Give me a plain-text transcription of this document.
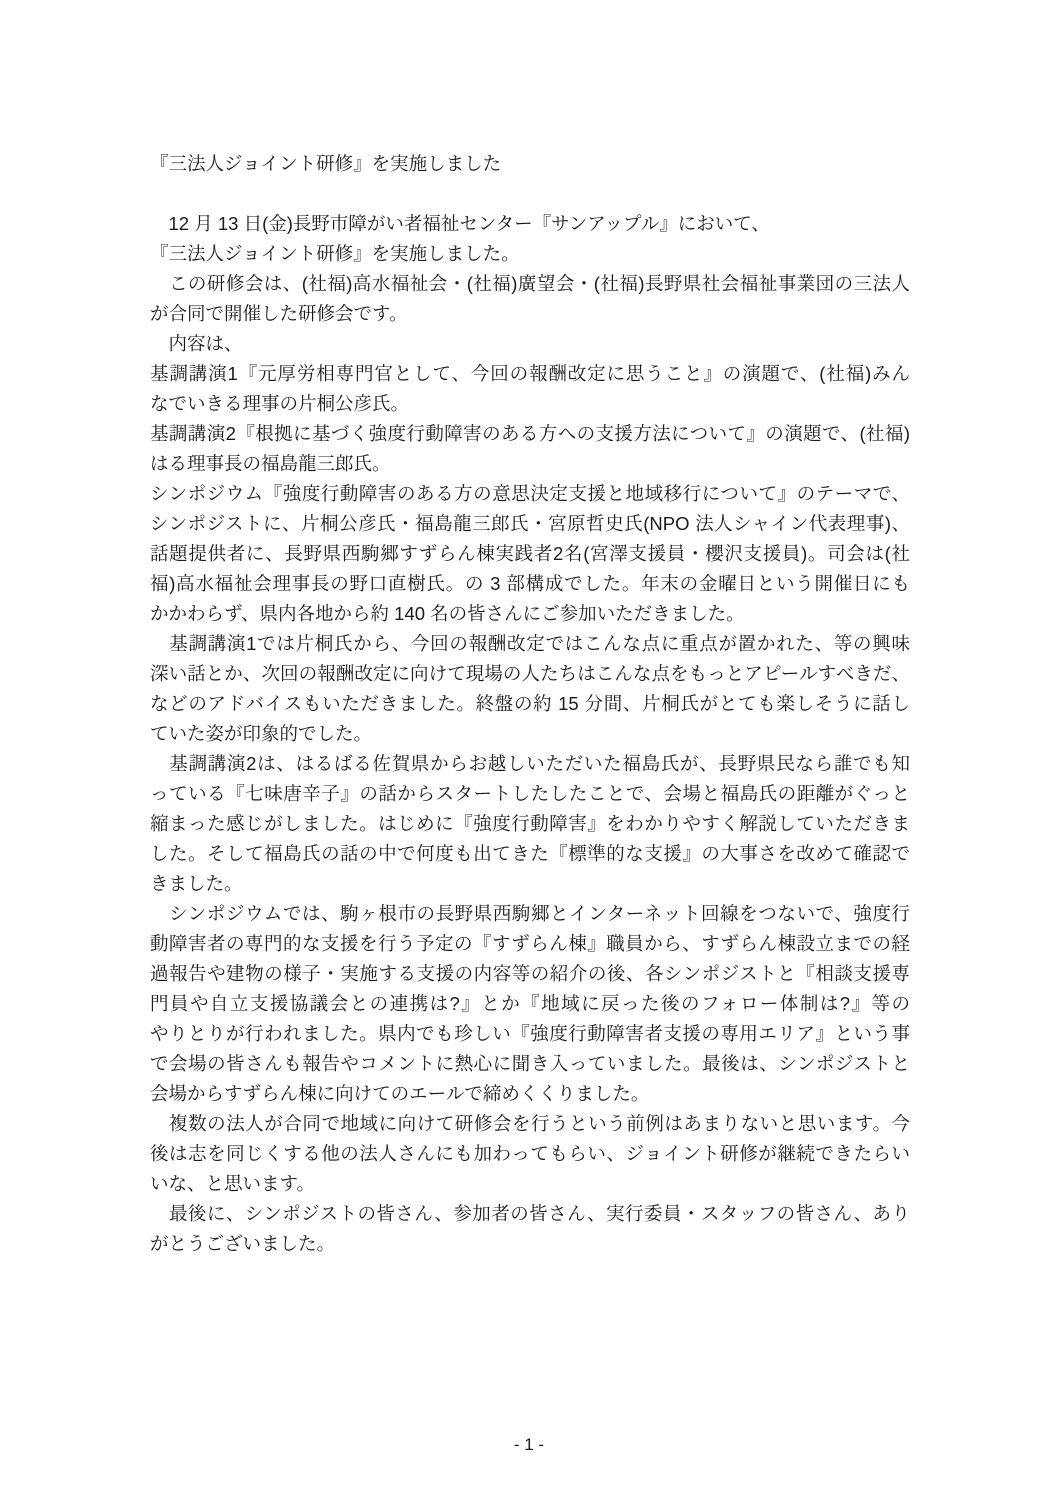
『三法人ジョイント研修』を実施しました
　12 月 13 日(金)長野市障がい者福祉センター『サンアップル』において、
『三法人ジョイント研修』を実施しました。
　この研修会は、(社福)高水福祉会・(社福)廣望会・(社福)長野県社会福祉事業団の三法人
が合同で開催した研修会です。
　内容は、
基調講演1『元厚労相専門官として、今回の報酬改定に思うこと』の演題で、(社福)みん
なでいきる理事の片桐公彦氏。
基調講演2『根拠に基づく強度行動障害のある方への支援方法について』の演題で、(社福)
はる理事長の福島龍三郎氏。
シンポジウム『強度行動障害のある方の意思決定支援と地域移行について』のテーマで、
シンポジストに、片桐公彦氏・福島龍三郎氏・宮原哲史氏(NPO 法人シャイン代表理事)、
話題提供者に、長野県西駒郷すずらん棟実践者2名(宮澤支援員・櫻沢支援員)。司会は(社
福)高水福祉会理事長の野口直樹氏。の 3 部構成でした。年末の金曜日という開催日にも
かかわらず、県内各地から約 140 名の皆さんにご参加いただきました。
　基調講演1では片桐氏から、今回の報酬改定ではこんな点に重点が置かれた、等の興味
深い話とか、次回の報酬改定に向けて現場の人たちはこんな点をもっとアピールすべきだ、
などのアドバイスもいただきました。終盤の約 15 分間、片桐氏がとても楽しそうに話し
ていた姿が印象的でした。
　基調講演2は、はるばる佐賀県からお越しいただいた福島氏が、長野県民なら誰でも知
っている『七味唐辛子』の話からスタートしたしたことで、会場と福島氏の距離がぐっと
縮まった感じがしました。はじめに『強度行動障害』をわかりやすく解説していただきま
した。そして福島氏の話の中で何度も出てきた『標準的な支援』の大事さを改めて確認で
きました。
　シンポジウムでは、駒ヶ根市の長野県西駒郷とインターネット回線をつないで、強度行
動障害者の専門的な支援を行う予定の『すずらん棟』職員から、すずらん棟設立までの経
過報告や建物の様子・実施する支援の内容等の紹介の後、各シンポジストと『相談支援専
門員や自立支援協議会との連携は?』とか『地域に戻った後のフォロー体制は?』等の
やりとりが行われました。県内でも珍しい『強度行動障害者支援の専用エリア』という事
で会場の皆さんも報告やコメントに熱心に聞き入っていました。最後は、シンポジストと
会場からすずらん棟に向けてのエールで締めくくりました。
　複数の法人が合同で地域に向けて研修会を行うという前例はあまりないと思います。今
後は志を同じくする他の法人さんにも加わってもらい、ジョイント研修が継続できたらい
いな、と思います。
　最後に、シンポジストの皆さん、参加者の皆さん、実行委員・スタッフの皆さん、あり
がとうございました。
- 1 -
